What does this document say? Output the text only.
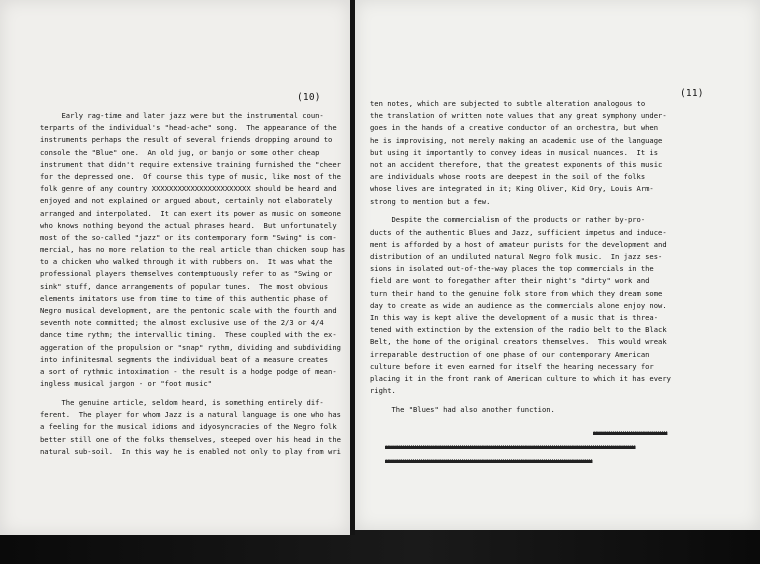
(10)
Early rag-time and later jazz were but the instrumental coun-
terparts of the individual's "head-ache" song.  The appearance of the
instruments perhaps the result of several friends dropping around to
console the "Blue" one.  An old jug, or banjo or some other cheap
instrument that didn't require extensive training furnished the "cheer
for the depressed one.  Of course this type of music, like most of the
folk genre of any country XXXXXXXXXXXXXXXXXXXXXXX should be heard and
enjoyed and not explained or argued about, certainly not elaborately
arranged and interpolated.  It can exert its power as music on someone
who knows nothing beyond the actual phrases heard.  But unfortunately
most of the so-called "jazz" or its contemporary form "Swing" is com-
mercial, has no more relation to the real article than chicken soup has
to a chicken who walked through it with rubbers on.  It was what the
professional players themselves contemptuously refer to as "Swing or
sink" stuff, dance arrangements of popular tunes.  The most obvious
elements imitators use from time to time of this authentic phase of
Negro musical development, are the pentonic scale with the fourth and
seventh note committed; the almost exclusive use of the 2/3 or 4/4
dance time rythm; the intervallic timing.  These coupled with the ex-
aggeration of the propulsion or "snap" rythm, dividing and subdividing
into infinitesmal segments the individual beat of a measure creates
a sort of rythmic intoximation - the result is a hodge podge of mean-
ingless musical jargon - or "foot music"
The genuine article, seldom heard, is something entirely dif-
ferent.  The player for whom Jazz is a natural language is one who has
a feeling for the musical idioms and idyosyncracies of the Negro folk
better still one of the folks themselves, steeped over his head in the
natural sub-soil.  In this way he is enabled not only to play from wri
(11)
ten notes, which are subjected to subtle alteration analogous to
the translation of written note values that any great symphony under-
goes in the hands of a creative conductor of an orchestra, but when
he is improvising, not merely making an academic use of the language
but using it importantly to convey ideas in musical nuances.  It is
not an accident therefore, that the greatest exponents of this music
are individuals whose roots are deepest in the soil of the folks
whose lives are integrated in it; King Oliver, Kid Ory, Louis Arm-
strong to mention but a few.
Despite the commercialism of the products or rather by-pro-
ducts of the authentic Blues and Jazz, sufficient impetus and induce-
ment is afforded by a host of amateur purists for the development and
distribution of an undiluted natural Negro folk music.  In jazz ses-
sions in isolated out-of-the-way places the top commercials in the
field are wont to foregather after their night's "dirty" work and
turn their hand to the genuine folk store from which they dream some
day to create as wide an audience as the commercials alone enjoy now.
In this way is kept alive the development of a music that is threa-
tened with extinction by the extension of the radio belt to the Black
Belt, the home of the original creators themselves.  This would wreak
irreparable destruction of one phase of our contemporary American
culture before it even earned for itself the hearing necessary for
placing it in the front rank of American culture to which it has every
right.
The "Blues" had also another function.
xxxxxxxxxxxxxxxxxxx
xxxxxxxxxxxxxxxxxxxxxxxxxxxxxxxxxxxxxxxxxxxxxxxxxxxxxxxxxxxxxxxx
xxxxxxxxxxxxxxxxxxxxxxxxxxxxxxxxxxxxxxxxxxxxxxxxxxxxx
